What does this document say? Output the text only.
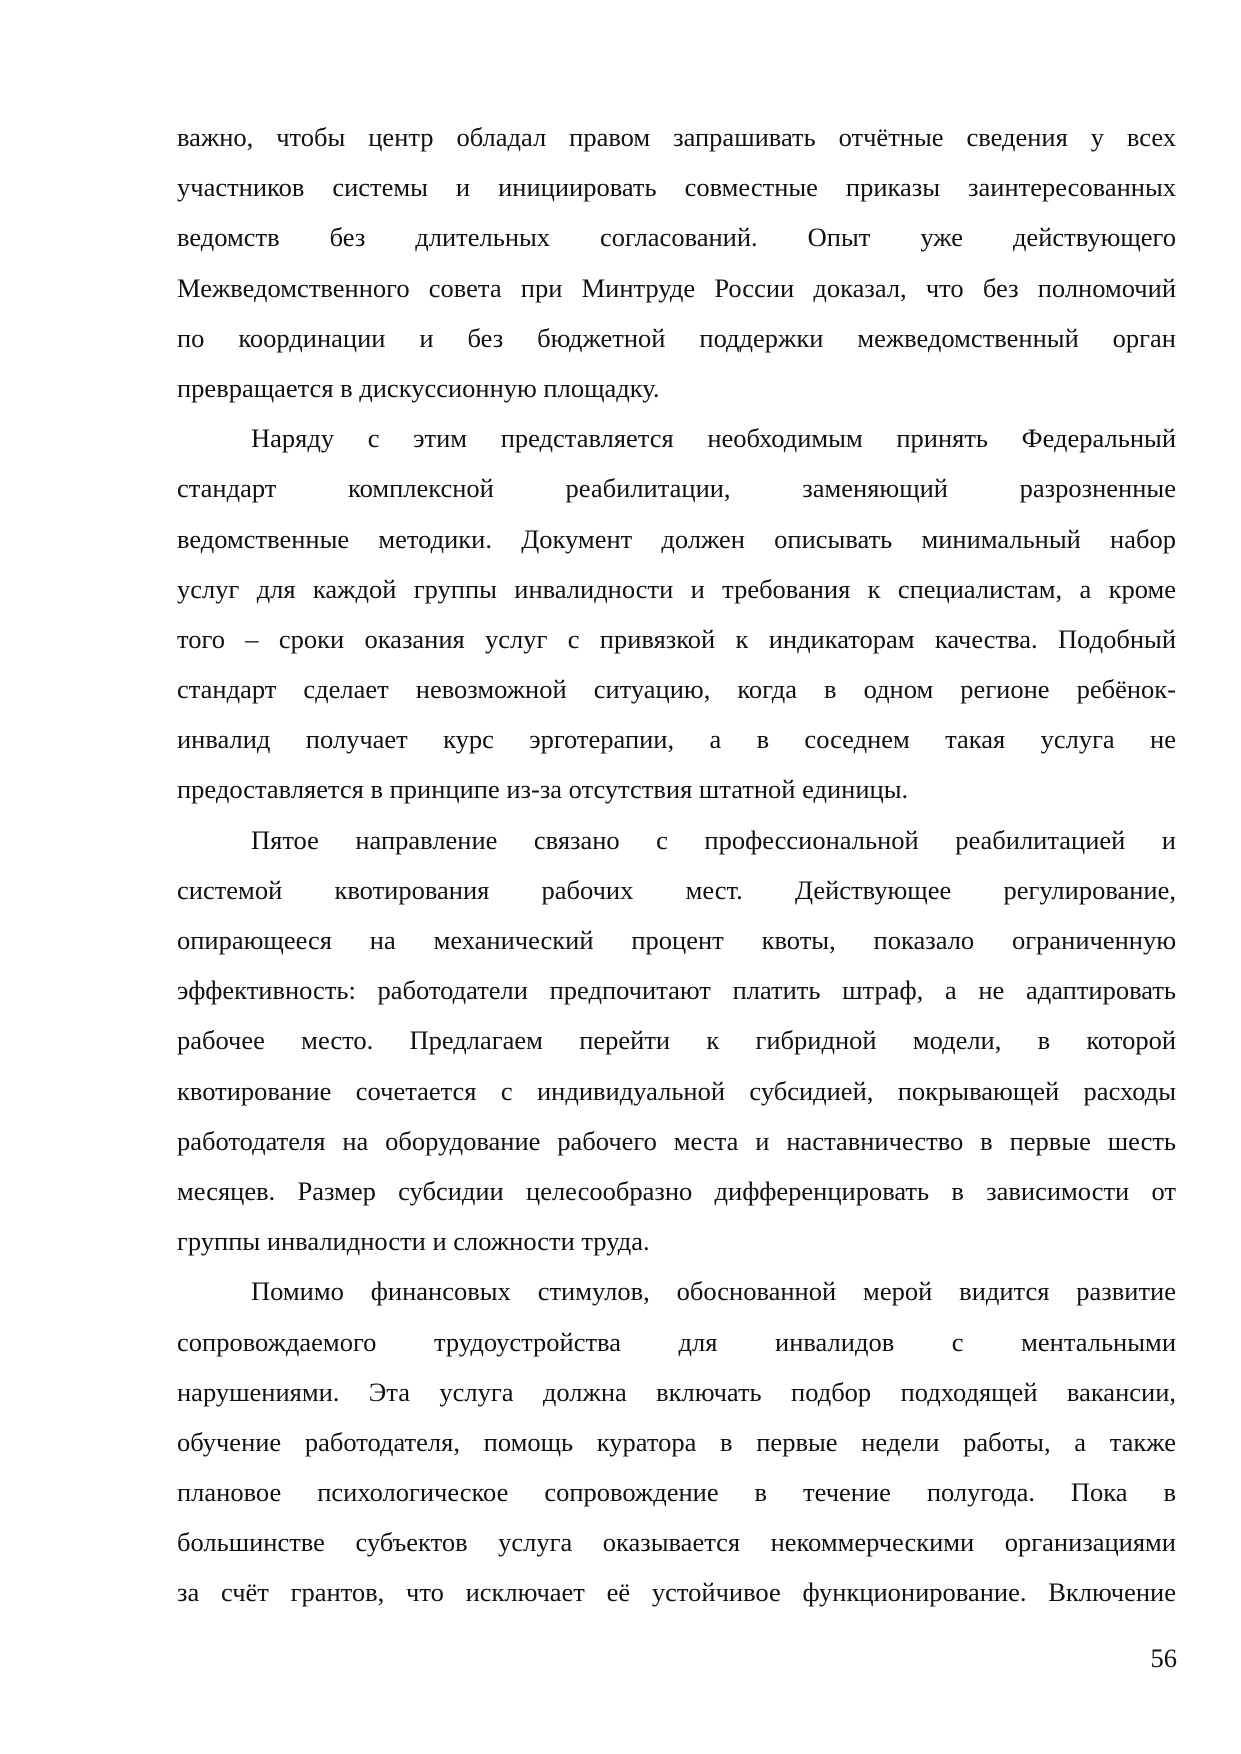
важно, чтобы центр обладал правом запрашивать отчётные сведения у всех
участников системы и инициировать совместные приказы заинтересованных
ведомств без длительных согласований. Опыт уже действующего
Межведомственного совета при Минтруде России доказал, что без полномочий
по координации и без бюджетной поддержки межведомственный орган
превращается в дискуссионную площадку.
Наряду с этим представляется необходимым принять Федеральный
стандарт комплексной реабилитации, заменяющий разрозненные
ведомственные методики. Документ должен описывать минимальный набор
услуг для каждой группы инвалидности и требования к специалистам, а кроме
того – сроки оказания услуг с привязкой к индикаторам качества. Подобный
стандарт сделает невозможной ситуацию, когда в одном регионе ребёнок-
инвалид получает курс эрготерапии, а в соседнем такая услуга не
предоставляется в принципе из-за отсутствия штатной единицы.
Пятое направление связано с профессиональной реабилитацией и
системой квотирования рабочих мест. Действующее регулирование,
опирающееся на механический процент квоты, показало ограниченную
эффективность: работодатели предпочитают платить штраф, а не адаптировать
рабочее место. Предлагаем перейти к гибридной модели, в которой
квотирование сочетается с индивидуальной субсидией, покрывающей расходы
работодателя на оборудование рабочего места и наставничество в первые шесть
месяцев. Размер субсидии целесообразно дифференцировать в зависимости от
группы инвалидности и сложности труда.
Помимо финансовых стимулов, обоснованной мерой видится развитие
сопровождаемого трудоустройства для инвалидов с ментальными
нарушениями. Эта услуга должна включать подбор подходящей вакансии,
обучение работодателя, помощь куратора в первые недели работы, а также
плановое психологическое сопровождение в течение полугода. Пока в
большинстве субъектов услуга оказывается некоммерческими организациями
за счёт грантов, что исключает её устойчивое функционирование. Включение
56
